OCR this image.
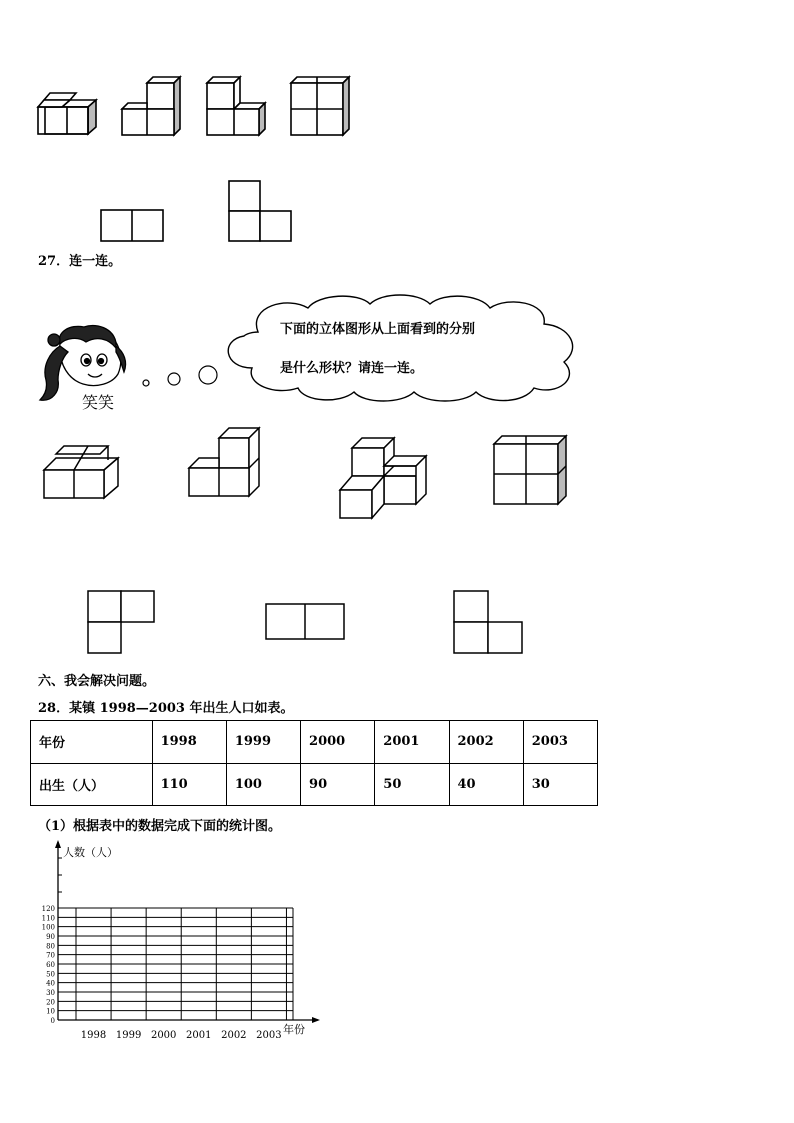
27．连一连。
笑笑
下面的立体图形从上面看到的分别
是什么形状？请连一连。
六、我会解决问题。
28．某镇 1998—2003 年出生人口如表。
年份	1998	1999	2000	2001	2002	2003
出生（人）	110	100	90	50	40	30
（1）根据表中的数据完成下面的统计图。
0
10
20
30
40
50
60
70
80
90
100
110
120
人数（人）
年份
1998 1999 2000 2001 2002 2003
